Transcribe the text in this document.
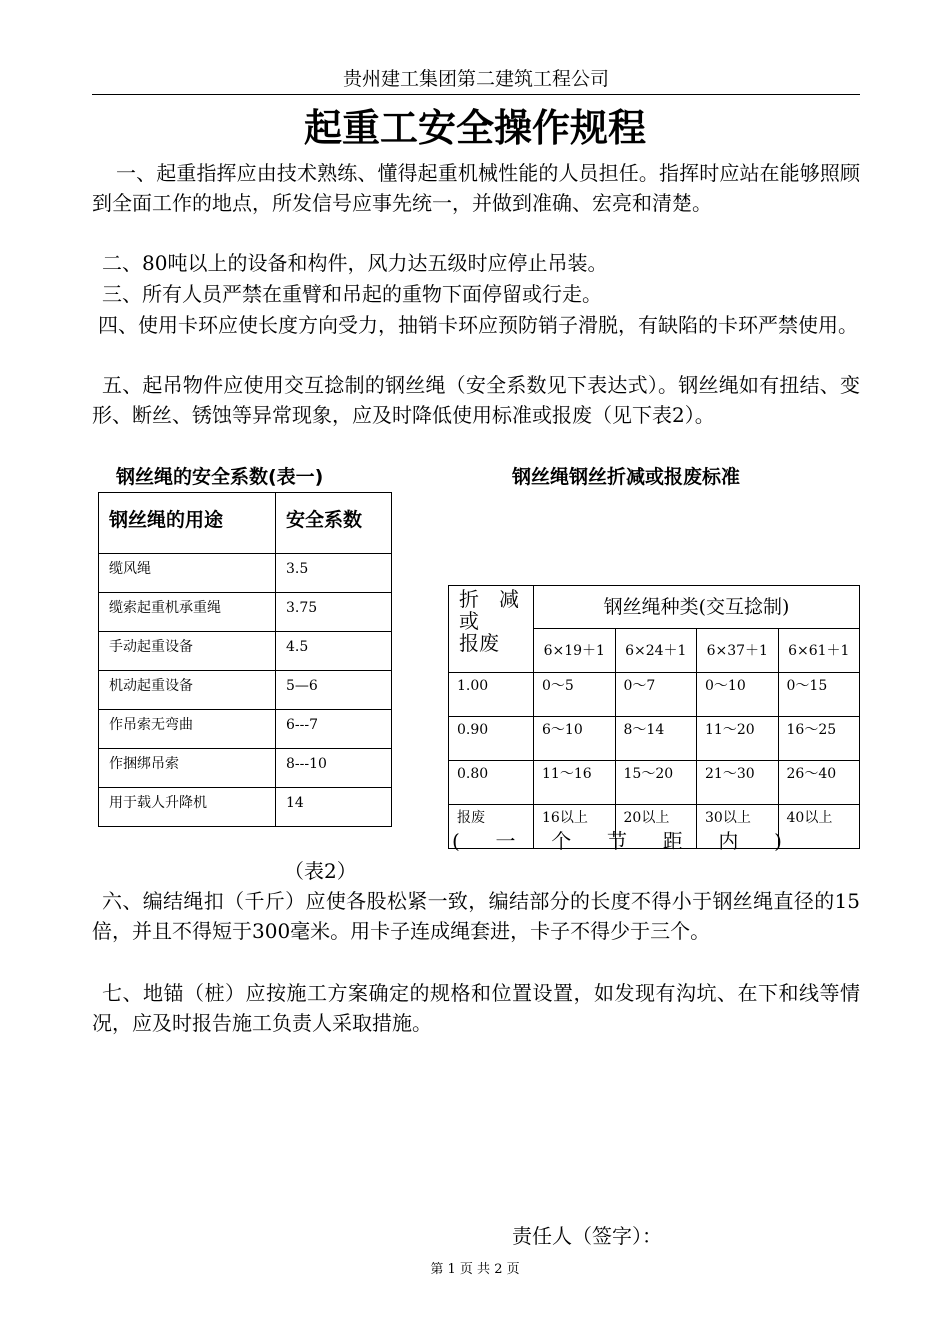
贵州建工集团第二建筑工程公司
起重工安全操作规程
一、起重指挥应由技术熟练、懂得起重机械性能的人员担任。指挥时应站在能够照顾到全面工作的地点，所发信号应事先统一，并做到准确、宏亮和清楚。
二、80吨以上的设备和构件，风力达五级时应停止吊装。
三、所有人员严禁在重臂和吊起的重物下面停留或行走。
四、使用卡环应使长度方向受力，抽销卡环应预防销子滑脱，有缺陷的卡环严禁使用。
五、起吊物件应使用交互捻制的钢丝绳（安全系数见下表达式）。钢丝绳如有扭结、变形、断丝、锈蚀等异常现象，应及时降低使用标准或报废（见下表2）。
钢丝绳的安全系数(表一)	钢丝绳钢丝折减或报废标准
钢丝绳的用途	安全系数
缆风绳	3.5
缆索起重机承重绳	3.75
手动起重设备	4.5
机动起重设备	5—6
作吊索无弯曲	6---7
作捆绑吊索	8---10
用于载人升降机	14
折　减
或
报废	钢丝绳种类(交互捻制)			
	6×19＋1	6×24＋1	6×37＋1	6×61＋1
1.00	0～5	0～7	0～10	0～15
0.90	6～10	8～14	11～20	16～25
0.80	11～16	15～20	21～30	26～40
报废	16以上	20以上	30以上	40以上
( 一 个 节 距 内 )
（表2）
六、编结绳扣（千斤）应使各股松紧一致，编结部分的长度不得小于钢丝绳直径的15倍，并且不得短于300毫米。用卡子连成绳套进，卡子不得少于三个。
七、地锚（桩）应按施工方案确定的规格和位置设置，如发现有沟坑、在下和线等情况，应及时报告施工负责人采取措施。
责任人（签字）：
第 1 页 共 2 页
